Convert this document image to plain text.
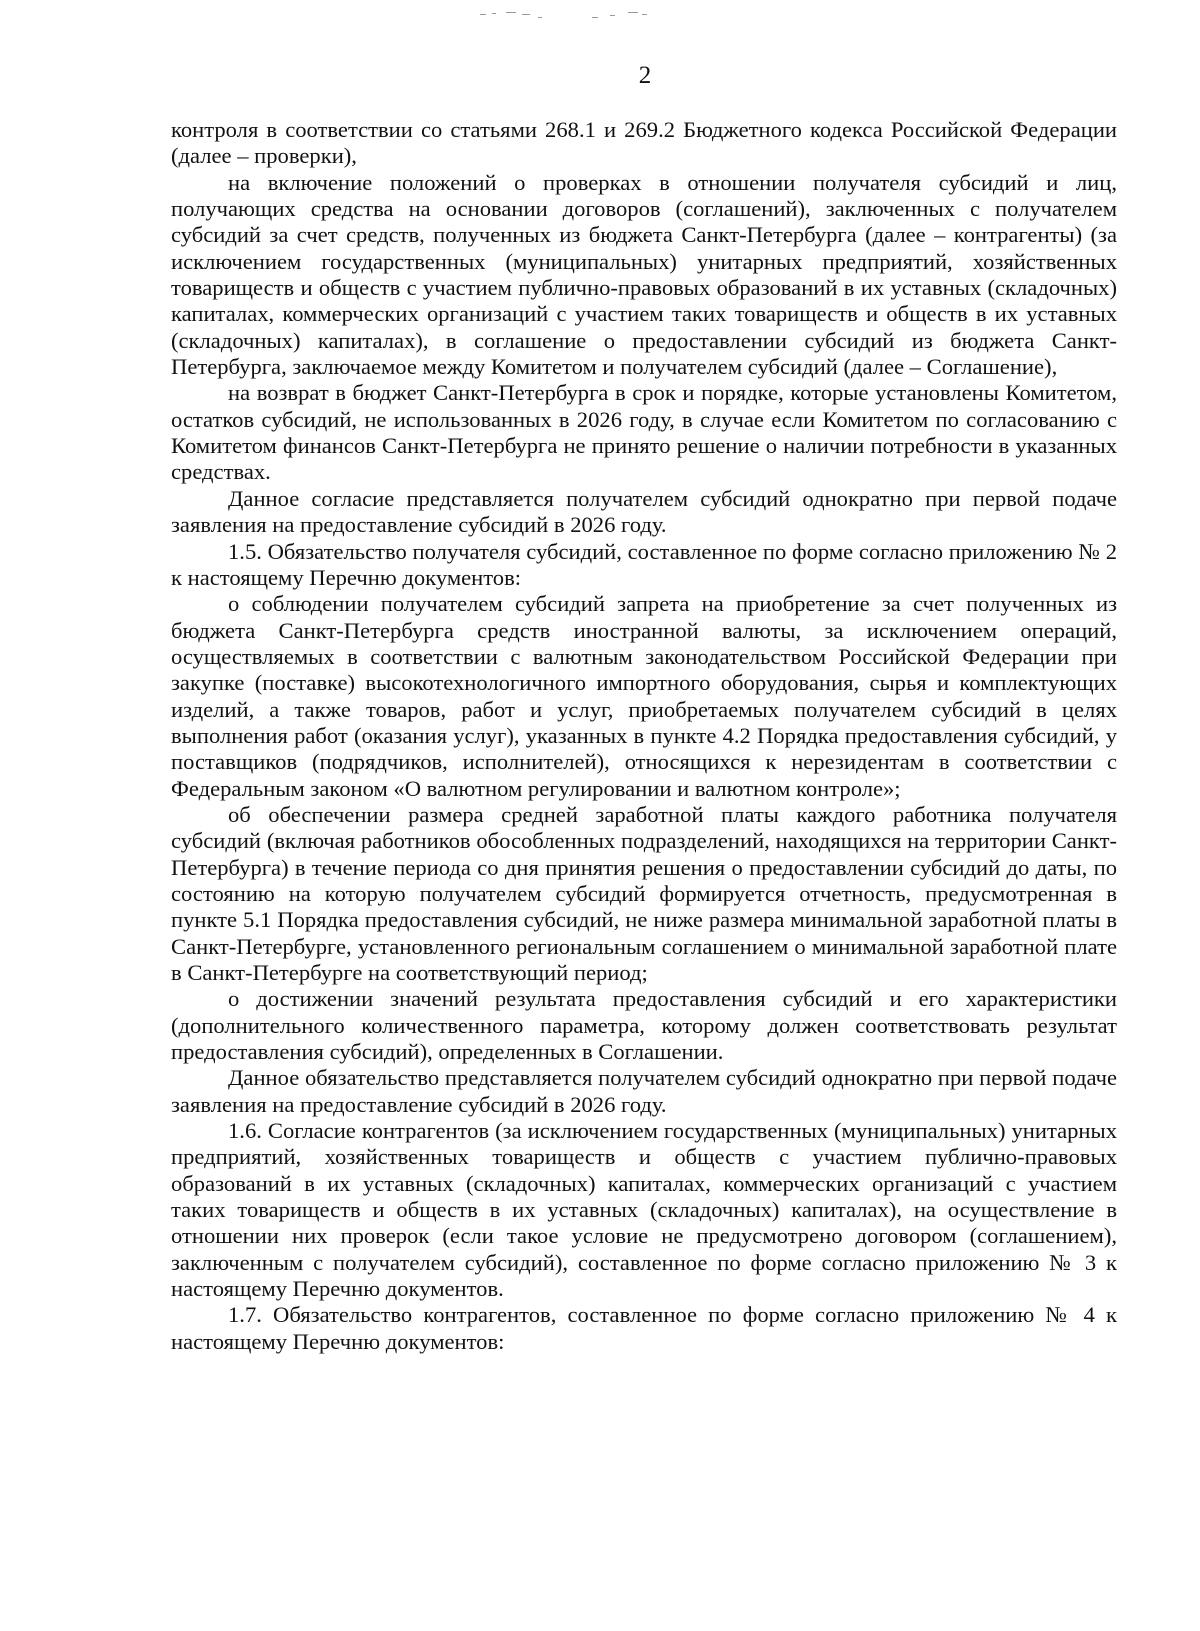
2

контроля в соответствии со статьями 268.1 и 269.2 Бюджетного кодекса Российской Федерации (далее – проверки),

на включение положений о проверках в отношении получателя субсидий и лиц, получающих средства на основании договоров (соглашений), заключенных с получателем субсидий за счет средств, полученных из бюджета Санкт-Петербурга (далее – контрагенты) (за исключением государственных (муниципальных) унитарных предприятий, хозяйственных товариществ и обществ с участием публично-правовых образований в их уставных (складочных) капиталах, коммерческих организаций с участием таких товариществ и обществ в их уставных (складочных) капиталах), в соглашение о предоставлении субсидий из бюджета Санкт-Петербурга, заключаемое между Комитетом и получателем субсидий (далее – Соглашение),

на возврат в бюджет Санкт-Петербурга в срок и порядке, которые установлены Комитетом, остатков субсидий, не использованных в 2026 году, в случае если Комитетом по согласованию с Комитетом финансов Санкт-Петербурга не принято решение о наличии потребности в указанных средствах.

Данное согласие представляется получателем субсидий однократно при первой подаче заявления на предоставление субсидий в 2026 году.

1.5. Обязательство получателя субсидий, составленное по форме согласно приложению № 2 к настоящему Перечню документов:

о соблюдении получателем субсидий запрета на приобретение за счет полученных из бюджета Санкт-Петербурга средств иностранной валюты, за исключением операций, осуществляемых в соответствии с валютным законодательством Российской Федерации при закупке (поставке) высокотехнологичного импортного оборудования, сырья и комплектующих изделий, а также товаров, работ и услуг, приобретаемых получателем субсидий в целях выполнения работ (оказания услуг), указанных в пункте 4.2 Порядка предоставления субсидий, у поставщиков (подрядчиков, исполнителей), относящихся к нерезидентам в соответствии с Федеральным законом «О валютном регулировании и валютном контроле»;

об обеспечении размера средней заработной платы каждого работника получателя субсидий (включая работников обособленных подразделений, находящихся на территории Санкт-Петербурга) в течение периода со дня принятия решения о предоставлении субсидий до даты, по состоянию на которую получателем субсидий формируется отчетность, предусмотренная в пункте 5.1 Порядка предоставления субсидий, не ниже размера минимальной заработной платы в Санкт-Петербурге, установленного региональным соглашением о минимальной заработной плате в Санкт-Петербурге на соответствующий период;

о достижении значений результата предоставления субсидий и его характеристики (дополнительного количественного параметра, которому должен соответствовать результат предоставления субсидий), определенных в Соглашении.

Данное обязательство представляется получателем субсидий однократно при первой подаче заявления на предоставление субсидий в 2026 году.

1.6. Согласие контрагентов (за исключением государственных (муниципальных) унитарных предприятий, хозяйственных товариществ и обществ с участием публично-правовых образований в их уставных (складочных) капиталах, коммерческих организаций с участием таких товариществ и обществ в их уставных (складочных) капиталах), на осуществление в отношении них проверок (если такое условие не предусмотрено договором (соглашением), заключенным с получателем субсидий), составленное по форме согласно приложению № 3 к настоящему Перечню документов.

1.7. Обязательство контрагентов, составленное по форме согласно приложению № 4 к настоящему Перечню документов:
